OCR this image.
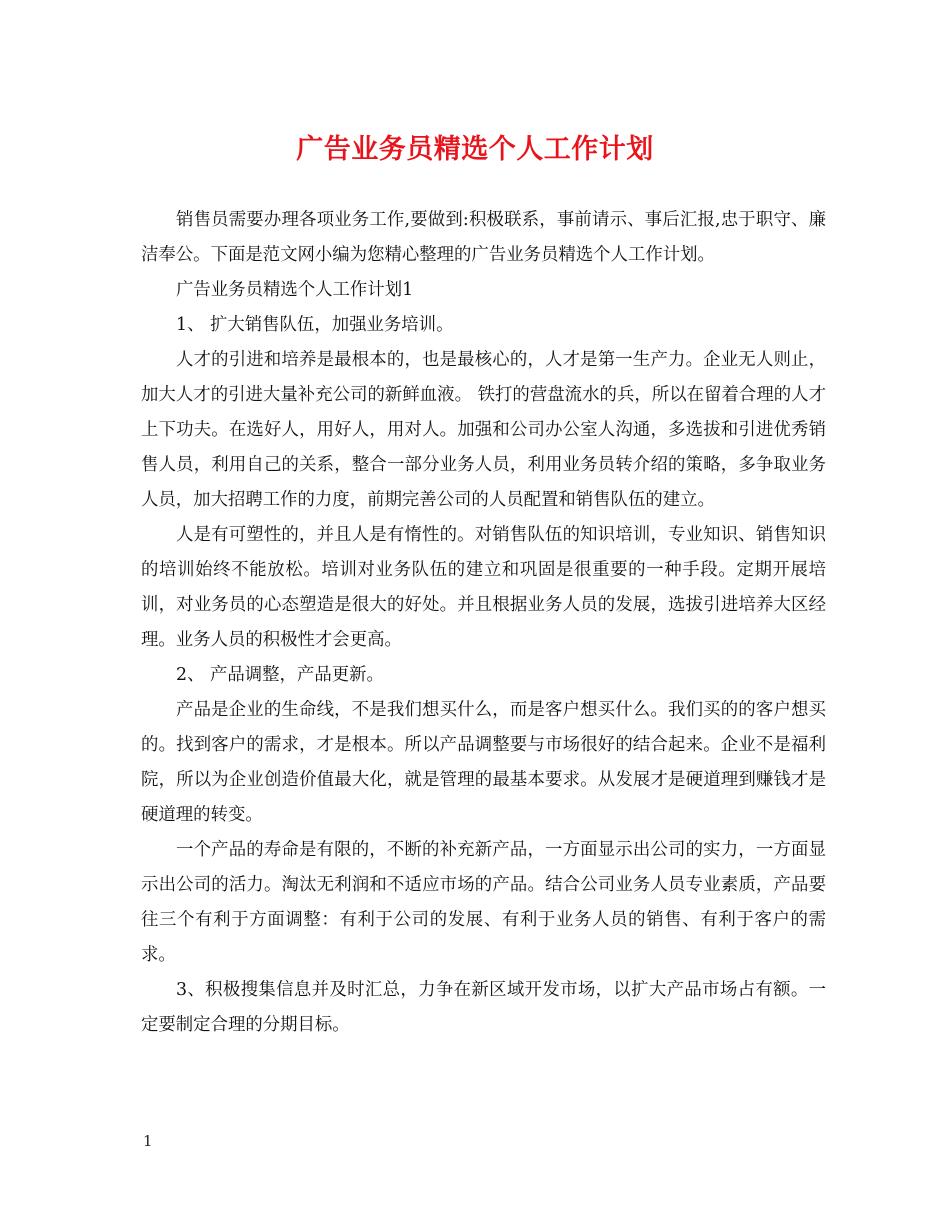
广告业务员精选个人工作计划

销售员需要办理各项业务工作,要做到:积极联系，事前请示、事后汇报,忠于职守、廉洁奉公。下面是范文网小编为您精心整理的广告业务员精选个人工作计划。

广告业务员精选个人工作计划1

1、 扩大销售队伍，加强业务培训。

人才的引进和培养是最根本的，也是最核心的，人才是第一生产力。企业无人则止，加大人才的引进大量补充公司的新鲜血液。 铁打的营盘流水的兵，所以在留着合理的人才上下功夫。在选好人，用好人，用对人。加强和公司办公室人沟通，多选拔和引进优秀销售人员，利用自己的关系，整合一部分业务人员，利用业务员转介绍的策略，多争取业务人员，加大招聘工作的力度，前期完善公司的人员配置和销售队伍的建立。

人是有可塑性的，并且人是有惰性的。对销售队伍的知识培训，专业知识、销售知识的培训始终不能放松。培训对业务队伍的建立和巩固是很重要的一种手段。定期开展培训，对业务员的心态塑造是很大的好处。并且根据业务人员的发展，选拔引进培养大区经理。业务人员的积极性才会更高。

2、 产品调整，产品更新。

产品是企业的生命线，不是我们想买什么，而是客户想买什么。我们买的的客户想买的。找到客户的需求，才是根本。所以产品调整要与市场很好的结合起来。企业不是福利院，所以为企业创造价值最大化，就是管理的最基本要求。从发展才是硬道理到赚钱才是硬道理的转变。

一个产品的寿命是有限的，不断的补充新产品，一方面显示出公司的实力，一方面显示出公司的活力。淘汰无利润和不适应市场的产品。结合公司业务人员专业素质，产品要往三个有利于方面调整：有利于公司的发展、有利于业务人员的销售、有利于客户的需求。

3、积极搜集信息并及时汇总，力争在新区域开发市场，以扩大产品市场占有额。一定要制定合理的分期目标。

1
